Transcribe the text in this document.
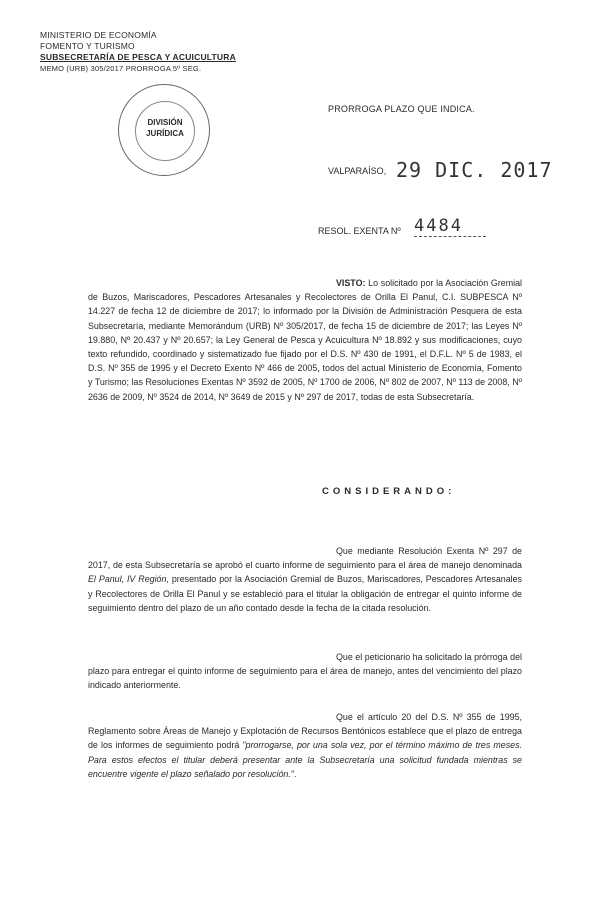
MINISTERIO DE ECONOMÍA
FOMENTO Y TURISMO
SUBSECRETARÍA DE PESCA Y ACUICULTURA
MEMO (URB) 305/2017 PRORROGA 5º SEG.
DIVISIÓN
JURÍDICA
PRORROGA PLAZO QUE INDICA.
VALPARAÍSO, 29 DIC. 2017
RESOL. EXENTA Nº 4484
VISTO: Lo solicitado por la Asociación Gremial de Buzos, Mariscadores, Pescadores Artesanales y Recolectores de Orilla El Panul, C.I. SUBPESCA Nº 14.227 de fecha 12 de diciembre de 2017; lo informado por la División de Administración Pesquera de esta Subsecretaría, mediante Memorándum (URB) Nº 305/2017, de fecha 15 de diciembre de 2017; las Leyes Nº 19.880, Nº 20.437 y Nº 20.657; la Ley General de Pesca y Acuicultura Nº 18.892 y sus modificaciones, cuyo texto refundido, coordinado y sistematizado fue fijado por el D.S. Nº 430 de 1991, el D.F.L. Nº 5 de 1983, el D.S. Nº 355 de 1995 y el Decreto Exento Nº 466 de 2005, todos del actual Ministerio de Economía, Fomento y Turismo; las Resoluciones Exentas Nº 3592 de 2005, Nº 1700 de 2006, Nº 802 de 2007, Nº 113 de 2008, Nº 2636 de 2009, Nº 3524 de 2014, Nº 3649 de 2015 y Nº 297 de 2017, todas de esta Subsecretaría.
CONSIDERANDO:
Que mediante Resolución Exenta Nº 297 de 2017, de esta Subsecretaría se aprobó el cuarto informe de seguimiento para el área de manejo denominada El Panul, IV Región, presentado por la Asociación Gremial de Buzos, Mariscadores, Pescadores Artesanales y Recolectores de Orilla El Panul y se estableció para el titular la obligación de entregar el quinto informe de seguimiento dentro del plazo de un año contado desde la fecha de la citada resolución.
Que el peticionario ha solicitado la prórroga del plazo para entregar el quinto informe de seguimiento para el área de manejo, antes del vencimiento del plazo indicado anteriormente.
Que el artículo 20 del D.S. Nº 355 de 1995, Reglamento sobre Áreas de Manejo y Explotación de Recursos Bentónicos establece que el plazo de entrega de los informes de seguimiento podrá "prorrogarse, por una sola vez, por el término máximo de tres meses. Para estos efectos el titular deberá presentar ante la Subsecretaría una solicitud fundada mientras se encuentre vigente el plazo señalado por resolución.".
